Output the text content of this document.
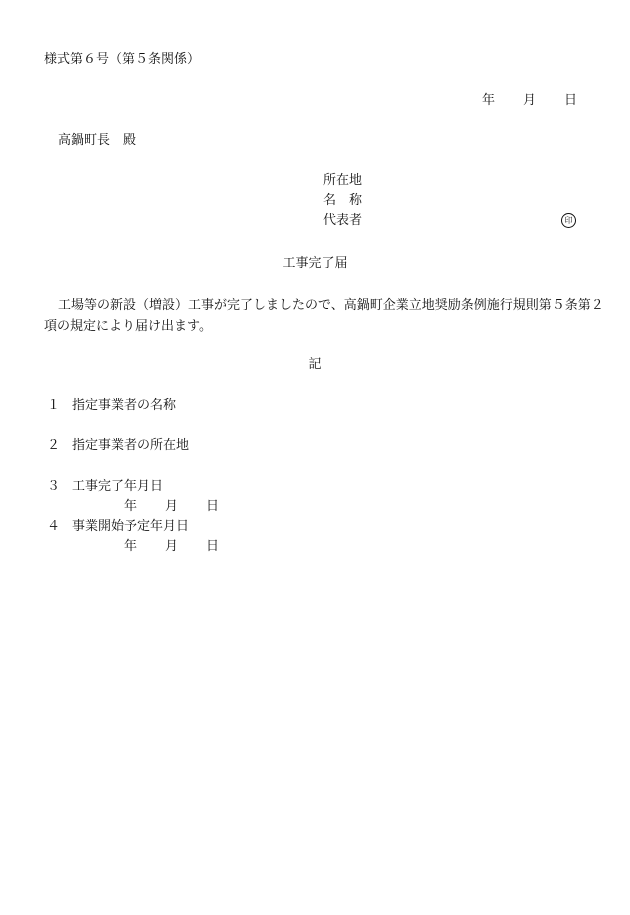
様式第６号（第５条関係）
年 月 日
高鍋町長　殿
所在地
名　称
代表者	印
工事完了届
工場等の新設（増設）工事が完了しましたので、高鍋町企業立地奨励条例施行規則第５条第２項の規定により届け出ます。
記
１ 指定事業者の名称
２ 指定事業者の所在地
３ 工事完了年月日
年 月 日
４ 事業開始予定年月日
年 月 日
